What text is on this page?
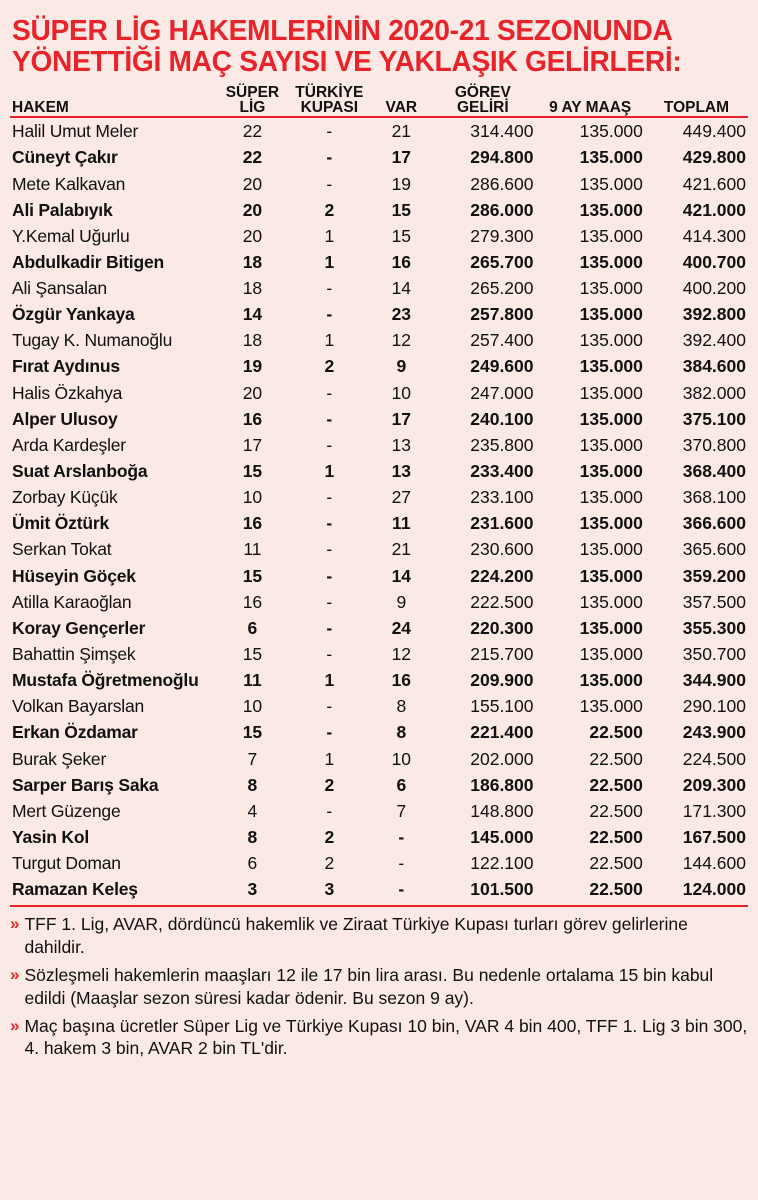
SÜPER LİG HAKEMLERİNİN 2020-21 SEZONUNDA
YÖNETTİĞİ MAÇ SAYISI VE YAKLAŞIK GELİRLERİ:
	SÜPER	TÜRKİYE		GÖREV		
HAKEM	LİG	KUPASI	VAR	GELİRİ	9 AY MAAŞ	TOPLAM
Halil Umut Meler	22	-	21	314.400	135.000	449.400
Cüneyt Çakır	22	-	17	294.800	135.000	429.800
Mete Kalkavan	20	-	19	286.600	135.000	421.600
Ali Palabıyık	20	2	15	286.000	135.000	421.000
Y.Kemal Uğurlu	20	1	15	279.300	135.000	414.300
Abdulkadir Bitigen	18	1	16	265.700	135.000	400.700
Ali Şansalan	18	-	14	265.200	135.000	400.200
Özgür Yankaya	14	-	23	257.800	135.000	392.800
Tugay K. Numanoğlu	18	1	12	257.400	135.000	392.400
Fırat Aydınus	19	2	9	249.600	135.000	384.600
Halis Özkahya	20	-	10	247.000	135.000	382.000
Alper Ulusoy	16	-	17	240.100	135.000	375.100
Arda Kardeşler	17	-	13	235.800	135.000	370.800
Suat Arslanboğa	15	1	13	233.400	135.000	368.400
Zorbay Küçük	10	-	27	233.100	135.000	368.100
Ümit Öztürk	16	-	11	231.600	135.000	366.600
Serkan Tokat	11	-	21	230.600	135.000	365.600
Hüseyin Göçek	15	-	14	224.200	135.000	359.200
Atilla Karaoğlan	16	-	9	222.500	135.000	357.500
Koray Gençerler	6	-	24	220.300	135.000	355.300
Bahattin Şimşek	15	-	12	215.700	135.000	350.700
Mustafa Öğretmenoğlu	11	1	16	209.900	135.000	344.900
Volkan Bayarslan	10	-	8	155.100	135.000	290.100
Erkan Özdamar	15	-	8	221.400	22.500	243.900
Burak Şeker	7	1	10	202.000	22.500	224.500
Sarper Barış Saka	8	2	6	186.800	22.500	209.300
Mert Güzenge	4	-	7	148.800	22.500	171.300
Yasin Kol	8	2	-	145.000	22.500	167.500
Turgut Doman	6	2	-	122.100	22.500	144.600
Ramazan Keleş	3	3	-	101.500	22.500	124.000
» TFF 1. Lig, AVAR, dördüncü hakemlik ve Ziraat Türkiye Kupası turları görev gelirlerine dahildir.
» Sözleşmeli hakemlerin maaşları 12 ile 17 bin lira arası. Bu nedenle ortalama 15 bin kabul edildi (Maaşlar sezon süresi kadar ödenir. Bu sezon 9 ay).
» Maç başına ücretler Süper Lig ve Türkiye Kupası 10 bin, VAR 4 bin 400, TFF 1. Lig 3 bin 300, 4. hakem 3 bin, AVAR 2 bin TL'dir.
